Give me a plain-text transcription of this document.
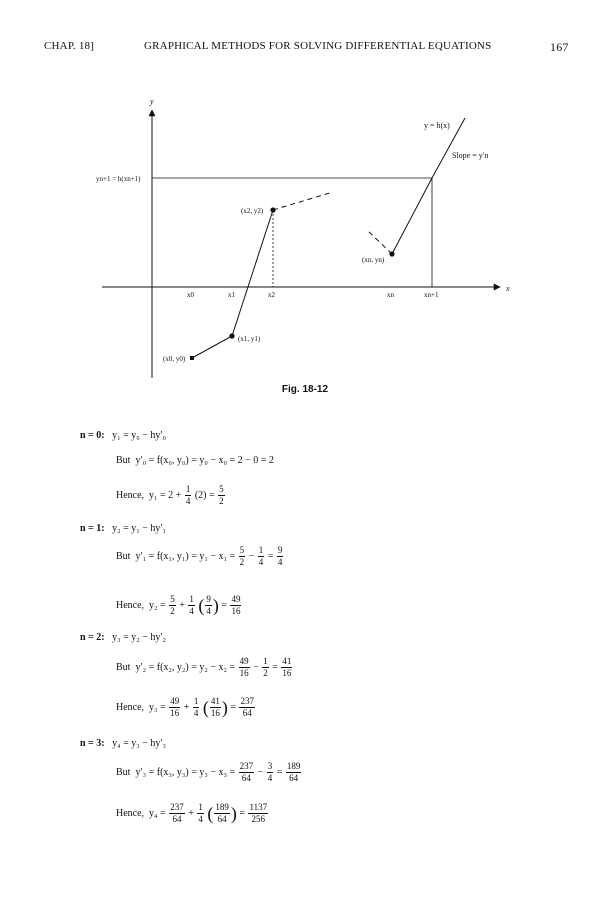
CHAP. 18]	GRAPHICAL METHODS FOR SOLVING DIFFERENTIAL EQUATIONS	167
y
x
y = h(x)
Slope = y′n
yn+1 = h(xn+1)
(x2, y2)
(xn, yn)
(x1, y1)
(x0, y0)
x0	x1	x2	xn	xn+1
Fig. 18-12
n = 0: y₁ = y₀ − hy′₀
But y′₀ = f(x₀, y₀) = y₀ − x₀ = 2 − 0 = 2
Hence, $y_1 = 2 + \frac{1}{4} (2) = \frac{5}{2}$
n = 1: y₂ = y₁ − hy′₁
But y′₁ = f(x₁, $y_1) = y_1 - x_1 = \frac{5}{2} - \frac{1}{4} = \frac{9}{4}$
Hence, $y_2 = \frac{5}{2} + \frac{1}{4}$ ( $\frac{9}{4}$ ) = $\frac{49}{16}$
n = 2: y₃ = y₂ − hy′₂
But y′₂ = f(x₂, $y_2) = y_2 - x_2 = \frac{49}{16} - \frac{1}{2} = \frac{41}{16}$
Hence, $y_3 = \frac{49}{16} + \frac{1}{4}$ ( $\frac{41}{16}$ ) = $\frac{237}{64}$
n = 3: y₄ = y₃ − hy′₃
But y′₃ = f(x₃, $y_3) = y_3 - x_3 = \frac{237}{64} - \frac{3}{4} = \frac{189}{64}$
Hence, $y_4 = \frac{237}{64} + \frac{1}{4}$ ( $\frac{189}{64}$ ) = $\frac{1137}{256}$
